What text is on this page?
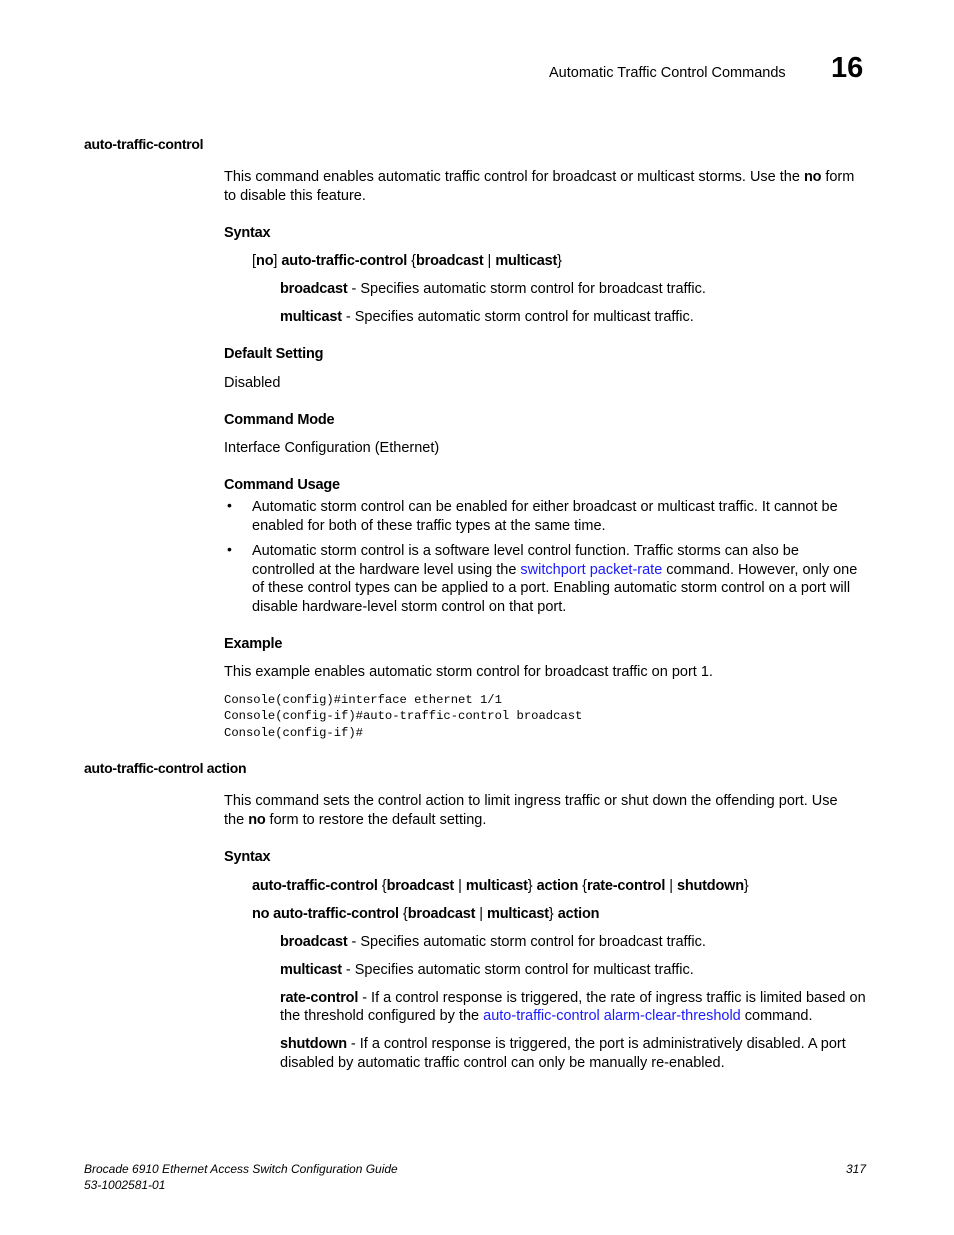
Automatic Traffic Control Commands 16
auto-traffic-control
This command enables automatic traffic control for broadcast or multicast storms. Use the no form
to disable this feature.
Syntax
[no] auto-traffic-control {broadcast | multicast}
broadcast - Specifies automatic storm control for broadcast traffic.
multicast - Specifies automatic storm control for multicast traffic.
Default Setting
Disabled
Command Mode
Interface Configuration (Ethernet)
Command Usage
• Automatic storm control can be enabled for either broadcast or multicast traffic. It cannot be
enabled for both of these traffic types at the same time.
• Automatic storm control is a software level control function. Traffic storms can also be
controlled at the hardware level using the switchport packet-rate command. However, only one
of these control types can be applied to a port. Enabling automatic storm control on a port will
disable hardware-level storm control on that port.
Example
This example enables automatic storm control for broadcast traffic on port 1.
Console(config)#interface ethernet 1/1
Console(config-if)#auto-traffic-control broadcast
Console(config-if)#
auto-traffic-control action
This command sets the control action to limit ingress traffic or shut down the offending port. Use
the no form to restore the default setting.
Syntax
auto-traffic-control {broadcast | multicast} action {rate-control | shutdown}
no auto-traffic-control {broadcast | multicast} action
broadcast - Specifies automatic storm control for broadcast traffic.
multicast - Specifies automatic storm control for multicast traffic.
rate-control - If a control response is triggered, the rate of ingress traffic is limited based on
the threshold configured by the auto-traffic-control alarm-clear-threshold command.
shutdown - If a control response is triggered, the port is administratively disabled. A port
disabled by automatic traffic control can only be manually re-enabled.
Brocade 6910 Ethernet Access Switch Configuration Guide
53-1002581-01
317
